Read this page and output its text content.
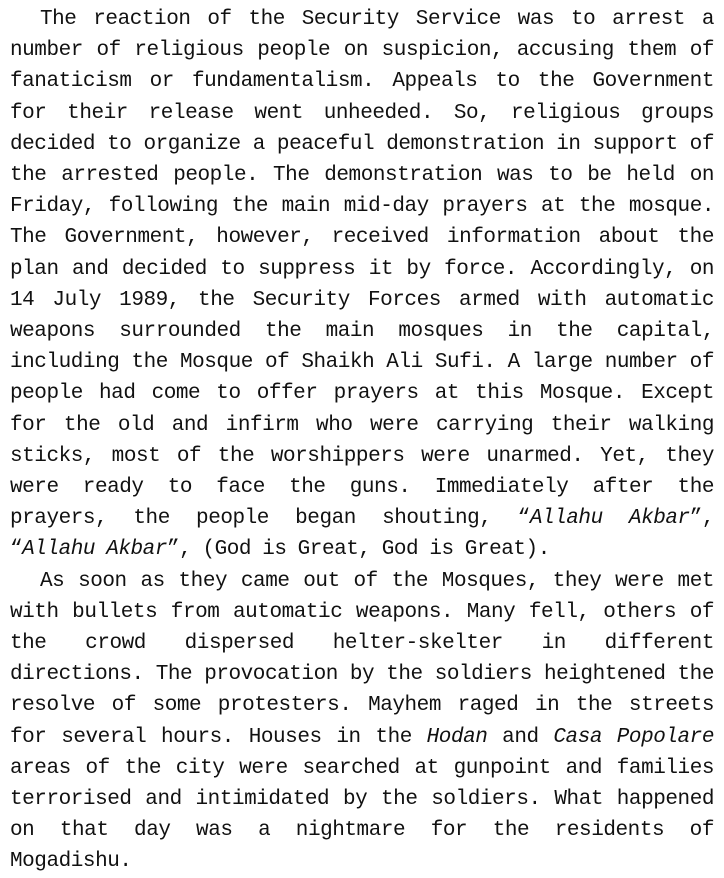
The reaction of the Security Service was to arrest a number of religious people on suspicion, accusing them of fanaticism or fundamentalism. Appeals to the Government for their release went unheeded. So, religious groups decided to organize a peaceful demonstration in support of the arrested people. The demonstration was to be held on Friday, following the main mid-day prayers at the mosque. The Government, however, received information about the plan and decided to suppress it by force. Accordingly, on 14 July 1989, the Security Forces armed with automatic weapons surrounded the main mosques in the capital, including the Mosque of Shaikh Ali Sufi. A large number of people had come to offer prayers at this Mosque. Except for the old and infirm who were carrying their walking sticks, most of the worshippers were unarmed. Yet, they were ready to face the guns. Immediately after the prayers, the people began shouting, “Allahu Akbar”, “Allahu Akbar”, (God is Great, God is Great).

As soon as they came out of the Mosques, they were met with bullets from automatic weapons. Many fell, others of the crowd dispersed helter-skelter in different directions. The provocation by the soldiers heightened the resolve of some protesters. Mayhem raged in the streets for several hours. Houses in the Hodan and Casa Popolare areas of the city were searched at gunpoint and families terrorised and intimidated by the soldiers. What happened on that day was a nightmare for the residents of Mogadishu.
